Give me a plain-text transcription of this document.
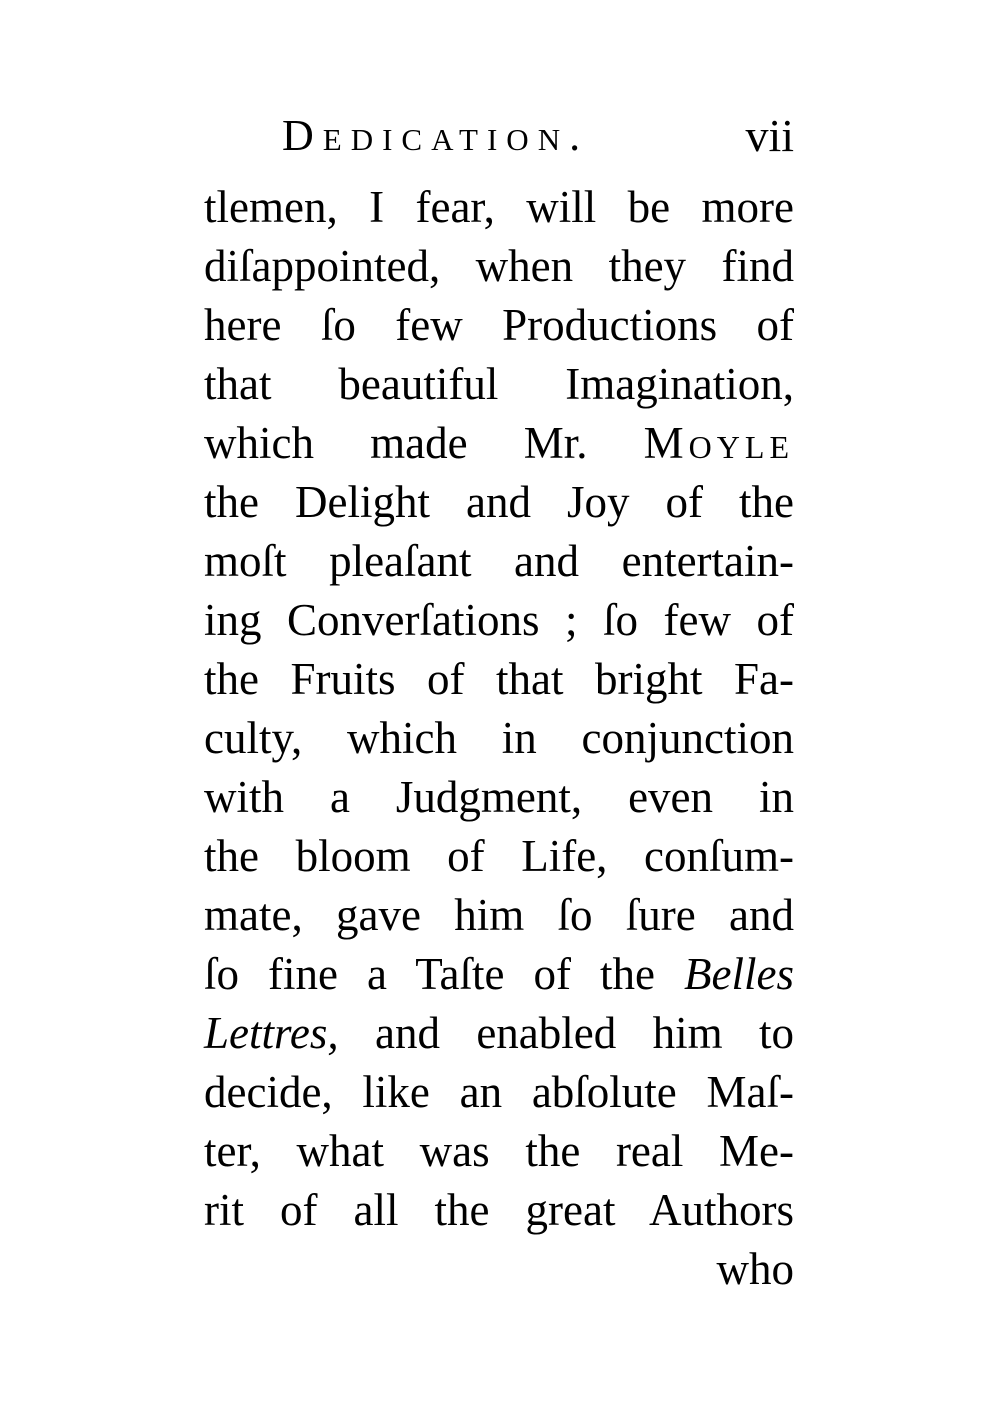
Dedication.	vii
tlemen, I fear, will be more
diſappointed, when they find
here ſo few Productions of
that beautiful Imagination,
which made Mr. Moyle
the Delight and Joy of the
moſt pleaſant and entertain-
ing Converſations ; ſo few of
the Fruits of that bright Fa-
culty, which in conjunction
with a Judgment, even in
the bloom of Life, conſum-
mate, gave him ſo ſure and
ſo fine a Taſte of the Belles
Lettres, and enabled him to
decide, like an abſolute Maſ-
ter, what was the real Me-
rit of all the great Authors
who
